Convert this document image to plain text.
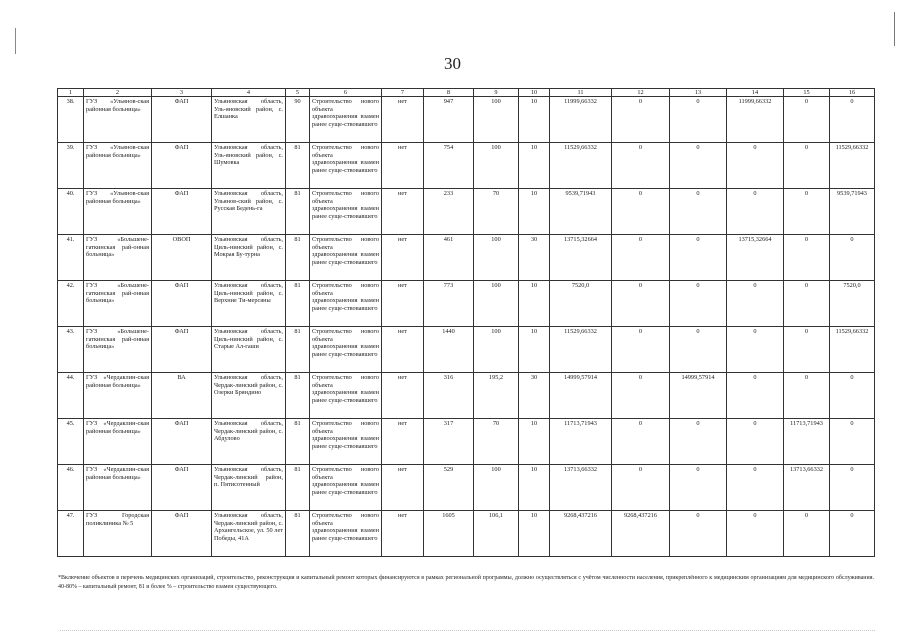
30
1	2	3	4	5	6	7	8	9	10	11	12	13	14	15	16
38.	ГУЗ «Ульянов-ская районная больница»	ФАП	Ульяновская область, Уль-яновский район, с. Елшанка	90	Строительство нового объекта здравоохранения взамен ранее суще-ствовавшего	нет	947	100	10	11999,66332	0	0	11999,66332	0	0
39.	ГУЗ «Ульянов-ская районная больница»	ФАП	Ульяновская область, Уль-яновский район, с. Шумовка	81	Строительство нового объекта здравоохранения взамен ранее суще-ствовавшего	нет	754	100	10	11529,66332	0	0	0	0	11529,66332
40.	ГУЗ «Ульянов-ская районная больница»	ФАП	Ульяновская область, Ульянов-ский район, с. Русская Бедень-га	81	Строительство нового объекта здравоохранения взамен ранее суще-ствовавшего	нет	233	70	10	9539,71943	0	0	0	0	9539,71943
41.	ГУЗ «Большене-гаткинская рай-онная больница»	ОВОП	Ульяновская область, Циль-нинский район, с. Мокрая Бу-турна	81	Строительство нового объекта здравоохранения взамен ранее суще-ствовавшего	нет	461	100	30	13715,32664	0	0	13715,32664	0	0
42.	ГУЗ «Большене-гаткинская рай-онная больница»	ФАП	Ульяновская область, Циль-нинский район, с. Верхние Ти-мерсяны	81	Строительство нового объекта здравоохранения взамен ранее суще-ствовавшего	нет	773	100	10	7520,0	0	0	0	0	7520,0
43.	ГУЗ «Большене-гаткинская рай-онная больница»	ФАП	Ульяновская область, Циль-нинский район, с. Старые Ал-гаши	81	Строительство нового объекта здравоохранения взамен ранее суще-ствовавшего	нет	1440	100	10	11529,66332	0	0	0	0	11529,66332
44.	ГУЗ «Чердаклин-ская районная больница»	ВА	Ульяновская область, Чердак-линский район, с. Озерки Бряндино	81	Строительство нового объекта здравоохранения взамен ранее суще-ствовавшего	нет	316	195,2	30	14999,57914	0	14999,57914	0	0	0
45.	ГУЗ «Чердаклин-ская районная больница»	ФАП	Ульяновская область, Чердак-линский район, с. Абдулово	81	Строительство нового объекта здравоохранения взамен ранее суще-ствовавшего	нет	317	70	10	11713,71943	0	0	0	11713,71943	0
46.	ГУЗ «Чердаклин-ская районная больница»	ФАП	Ульяновская область, Чердак-линский район, п. Пятисотенный	81	Строительство нового объекта здравоохранения взамен ранее суще-ствовавшего	нет	529	100	10	13713,66332	0	0	0	13713,66332	0
47.	ГУЗ Городская поликлиника № 5	ФАП	Ульяновская область, Чердак-линский район, с. Архангельское, ул. 50 лет Победы, 41А	81	Строительство нового объекта здравоохранения взамен ранее суще-ствовавшего	нет	1605	106,1	10	9268,437216	9268,437216	0	0	0	0
*Включение объектов в перечень медицинских организаций, строительство, реконструкция и капитальный ремонт которых финансируются в рамках региональной программы, должно осуществляться с учётом численности населения, прикреплённого к медицинским организациям для медицинского обслуживания. 40-80% – капитальный ремонт, 81 и более % – строительство взамен существующего.
